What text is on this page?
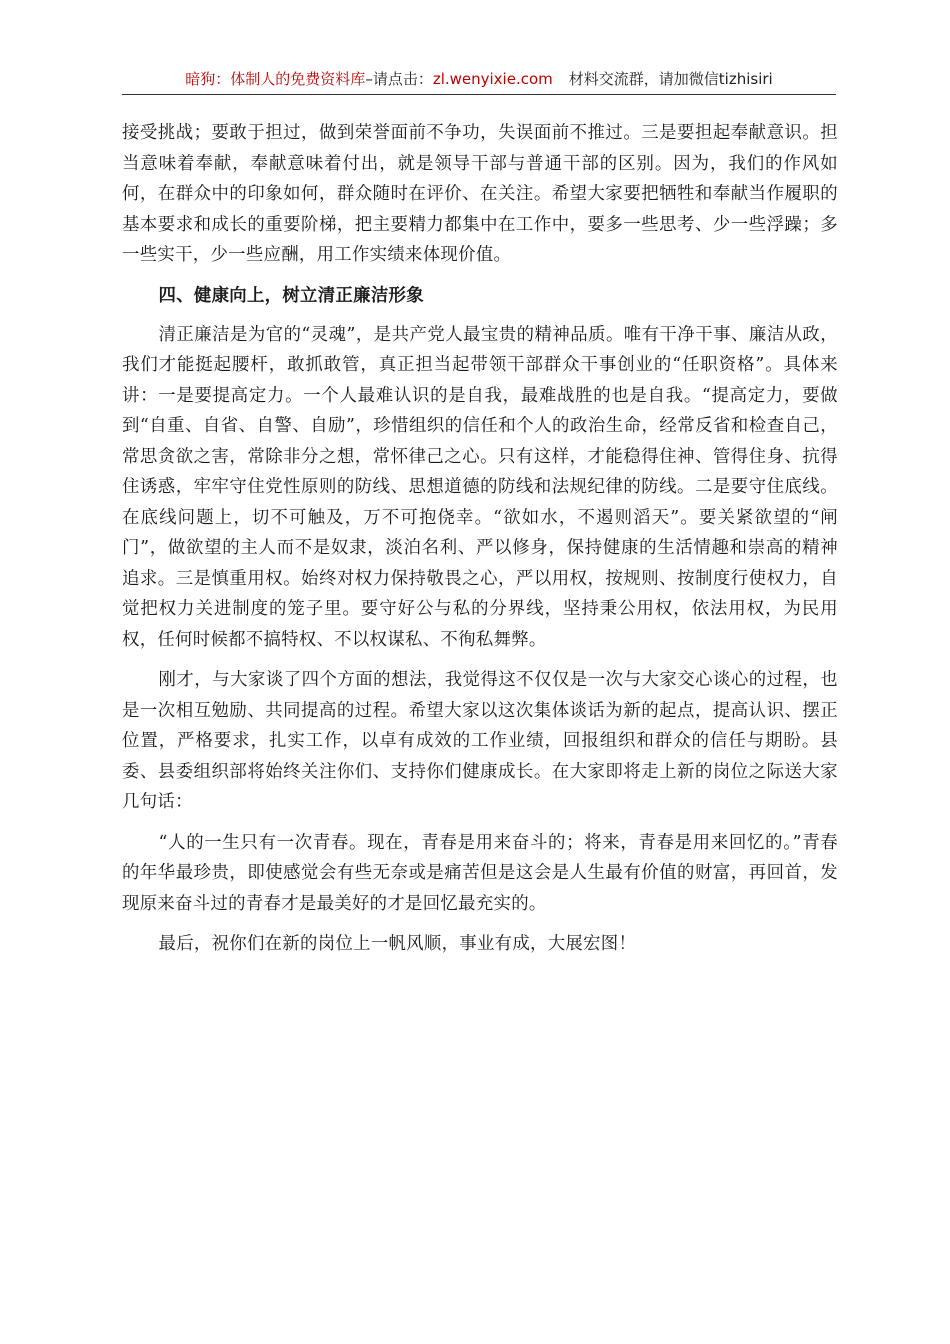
暗狗：体制人的免费资料库–请点击：zl.wenyixie.com 材料交流群，请加微信tizhisiri

接受挑战；要敢于担过，做到荣誉面前不争功，失误面前不推过。三是要担起奉献意识。担当意味着奉献，奉献意味着付出，就是领导干部与普通干部的区别。因为，我们的作风如何，在群众中的印象如何，群众随时在评价、在关注。希望大家要把牺牲和奉献当作履职的基本要求和成长的重要阶梯，把主要精力都集中在工作中，要多一些思考、少一些浮躁；多一些实干，少一些应酬，用工作实绩来体现价值。

四、健康向上，树立清正廉洁形象

清正廉洁是为官的“灵魂”，是共产党人最宝贵的精神品质。唯有干净干事、廉洁从政，我们才能挺起腰杆，敢抓敢管，真正担当起带领干部群众干事创业的“任职资格”。具体来讲：一是要提高定力。一个人最难认识的是自我，最难战胜的也是自我。“提高定力，要做到“自重、自省、自警、自励”，珍惜组织的信任和个人的政治生命，经常反省和检查自己，常思贪欲之害，常除非分之想，常怀律己之心。只有这样，才能稳得住神、管得住身、抗得住诱惑，牢牢守住党性原则的防线、思想道德的防线和法规纪律的防线。二是要守住底线。在底线问题上，切不可触及，万不可抱侥幸。“欲如水，不遏则滔天”。要关紧欲望的“闸门”，做欲望的主人而不是奴隶，淡泊名利、严以修身，保持健康的生活情趣和崇高的精神追求。三是慎重用权。始终对权力保持敬畏之心，严以用权，按规则、按制度行使权力，自觉把权力关进制度的笼子里。要守好公与私的分界线，坚持秉公用权，依法用权，为民用权，任何时候都不搞特权、不以权谋私、不徇私舞弊。

刚才，与大家谈了四个方面的想法，我觉得这不仅仅是一次与大家交心谈心的过程，也是一次相互勉励、共同提高的过程。希望大家以这次集体谈话为新的起点，提高认识、摆正位置，严格要求，扎实工作，以卓有成效的工作业绩，回报组织和群众的信任与期盼。县委、县委组织部将始终关注你们、支持你们健康成长。在大家即将走上新的岗位之际送大家几句话：

“人的一生只有一次青春。现在，青春是用来奋斗的；将来，青春是用来回忆的。”青春的年华最珍贵，即使感觉会有些无奈或是痛苦但是这会是人生最有价值的财富，再回首，发现原来奋斗过的青春才是最美好的才是回忆最充实的。

最后，祝你们在新的岗位上一帆风顺，事业有成，大展宏图！
